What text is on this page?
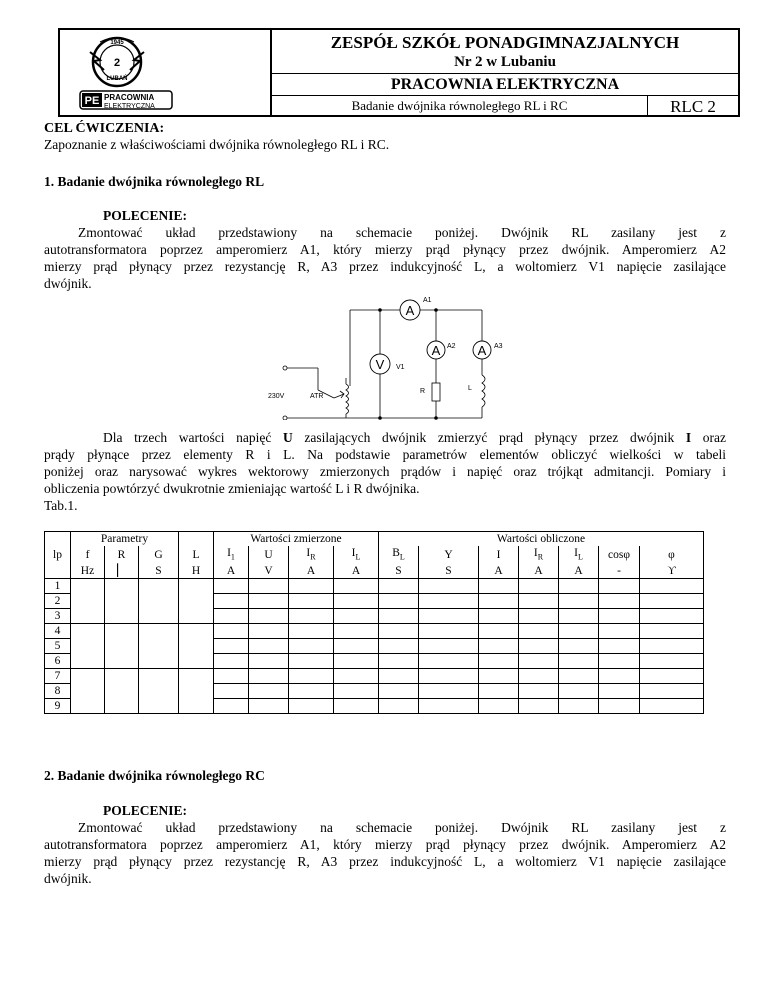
1945
2
LUBAŃ
PE PRACOWNIA
ELEKTRYCZNA
ZESPÓŁ SZKÓŁ PONADGIMNAZJALNYCH
Nr 2 w Lubaniu
PRACOWNIA ELEKTRYCZNA
Badanie dwójnika równoległego RL i RC	RLC 2
CEL ĆWICZENIA:
Zapoznanie z właściwościami dwójnika równoległego RL i RC.
1. Badanie dwójnika równoległego RL
POLECENIE:
Zmontować układ przedstawiony na schemacie poniżej. Dwójnik RL zasilany jest z
autotransformatora poprzez amperomierz A1, który mierzy prąd płynący przez dwójnik. Amperomierz A2
mierzy prąd płynący przez rezystancję R, A3 przez indukcyjność L, a woltomierz V1 napięcie zasilające
dwójnik.
A
A1
A A2 A A3
V V1
R	L
230V	ATR
Dla trzech wartości napięć U zasilających dwójnik zmierzyć prąd płynący przez dwójnik I oraz
prądy płynące przez elementy R i L. Na podstawie parametrów elementów obliczyć wielkości w tabeli
poniżej oraz narysować wykres wektorowy zmierzonych prądów i napięć oraz trójkąt admitancji. Pomiary i
obliczenia powtórzyć dwukrotnie zmieniając wartość L i R dwójnika.
Tab.1.
lp	Parametry				Wartości zmierzone				Wartości obliczone						
	f	R	G	L	$I_1$	U	$I_R$	$I_L$	$B_L$	Y	I	$I_R$	$I_L$	cosφ	φ
	Hz	▏	S	H	A	V	A	A	S	S	A	A	A	-	ϒ
1															
2															
3															
4															
5															
6															
7															
8															
9															
2. Badanie dwójnika równoległego RC
POLECENIE:
Zmontować układ przedstawiony na schemacie poniżej. Dwójnik RL zasilany jest z
autotransformatora poprzez amperomierz A1, który mierzy prąd płynący przez dwójnik. Amperomierz A2
mierzy prąd płynący przez rezystancję R, A3 przez indukcyjność L, a woltomierz V1 napięcie zasilające
dwójnik.
